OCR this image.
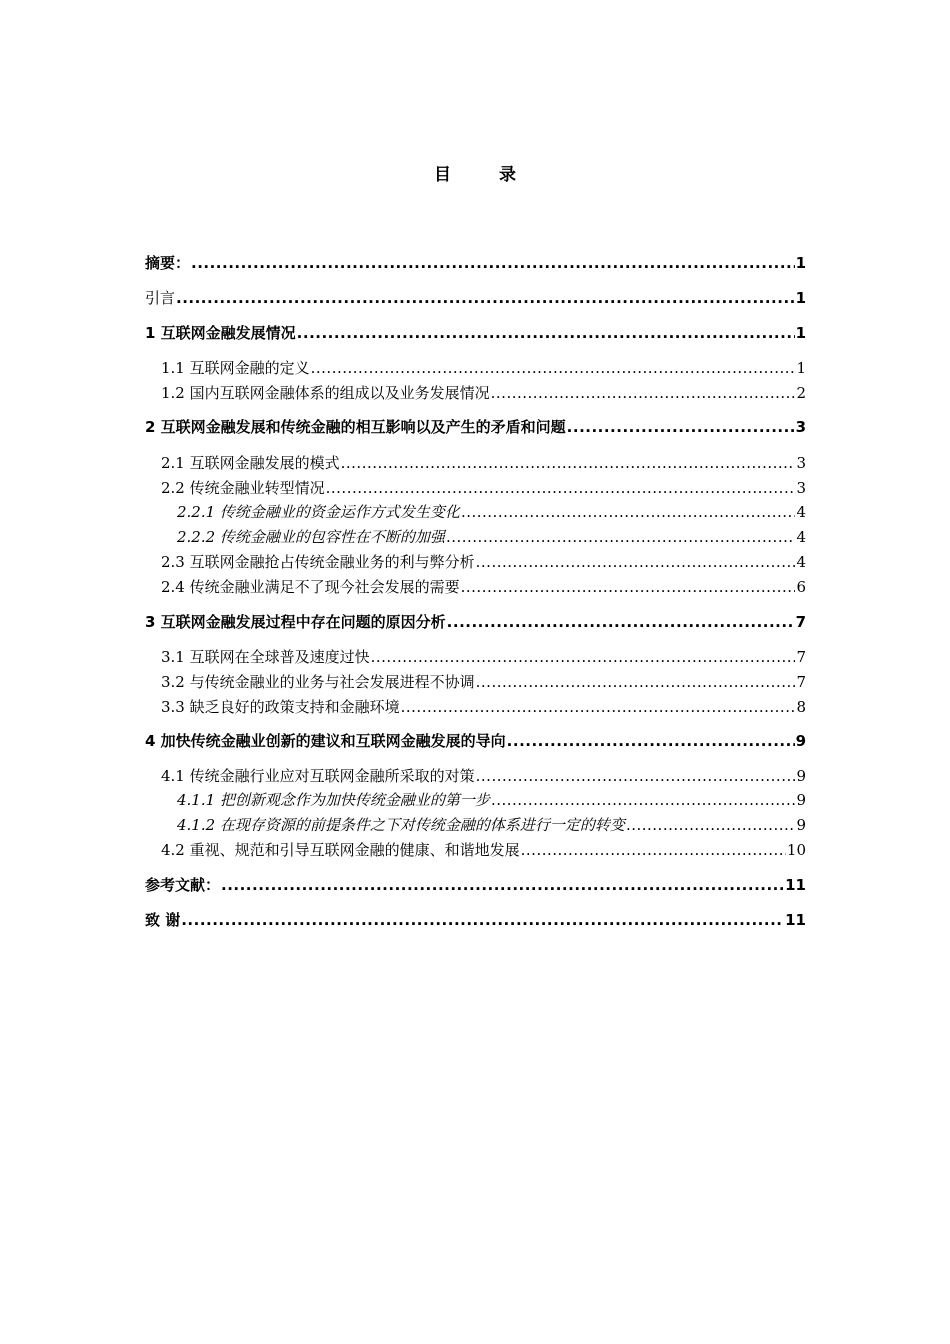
目	录
摘要： .....	1
引言 .....	1
1 互联网金融发展情况 .....	1
1.1 互联网金融的定义 .....	1
1.2 国内互联网金融体系的组成以及业务发展情况 .....	2
2 互联网金融发展和传统金融的相互影响以及产生的矛盾和问题 .....	3
2.1 互联网金融发展的模式 .....	3
2.2 传统金融业转型情况 .....	3
2.2.1 传统金融业的资金运作方式发生变化 .....	4
2.2.2 传统金融业的包容性在不断的加强 .....	4
2.3 互联网金融抢占传统金融业务的利与弊分析 .....	4
2.4 传统金融业满足不了现今社会发展的需要 .....	6
3 互联网金融发展过程中存在问题的原因分析 .....	7
3.1 互联网在全球普及速度过快 .....	7
3.2 与传统金融业的业务与社会发展进程不协调 .....	7
3.3 缺乏良好的政策支持和金融环境 .....	8
4 加快传统金融业创新的建议和互联网金融发展的导向 .....	9
4.1 传统金融行业应对互联网金融所采取的对策 .....	9
4.1.1 把创新观念作为加快传统金融业的第一步 .....	9
4.1.2 在现存资源的前提条件之下对传统金融的体系进行一定的转变 .....	9
4.2 重视、规范和引导互联网金融的健康、和谐地发展 .....	10
参考文献： .....	11
致 谢 .....	11
